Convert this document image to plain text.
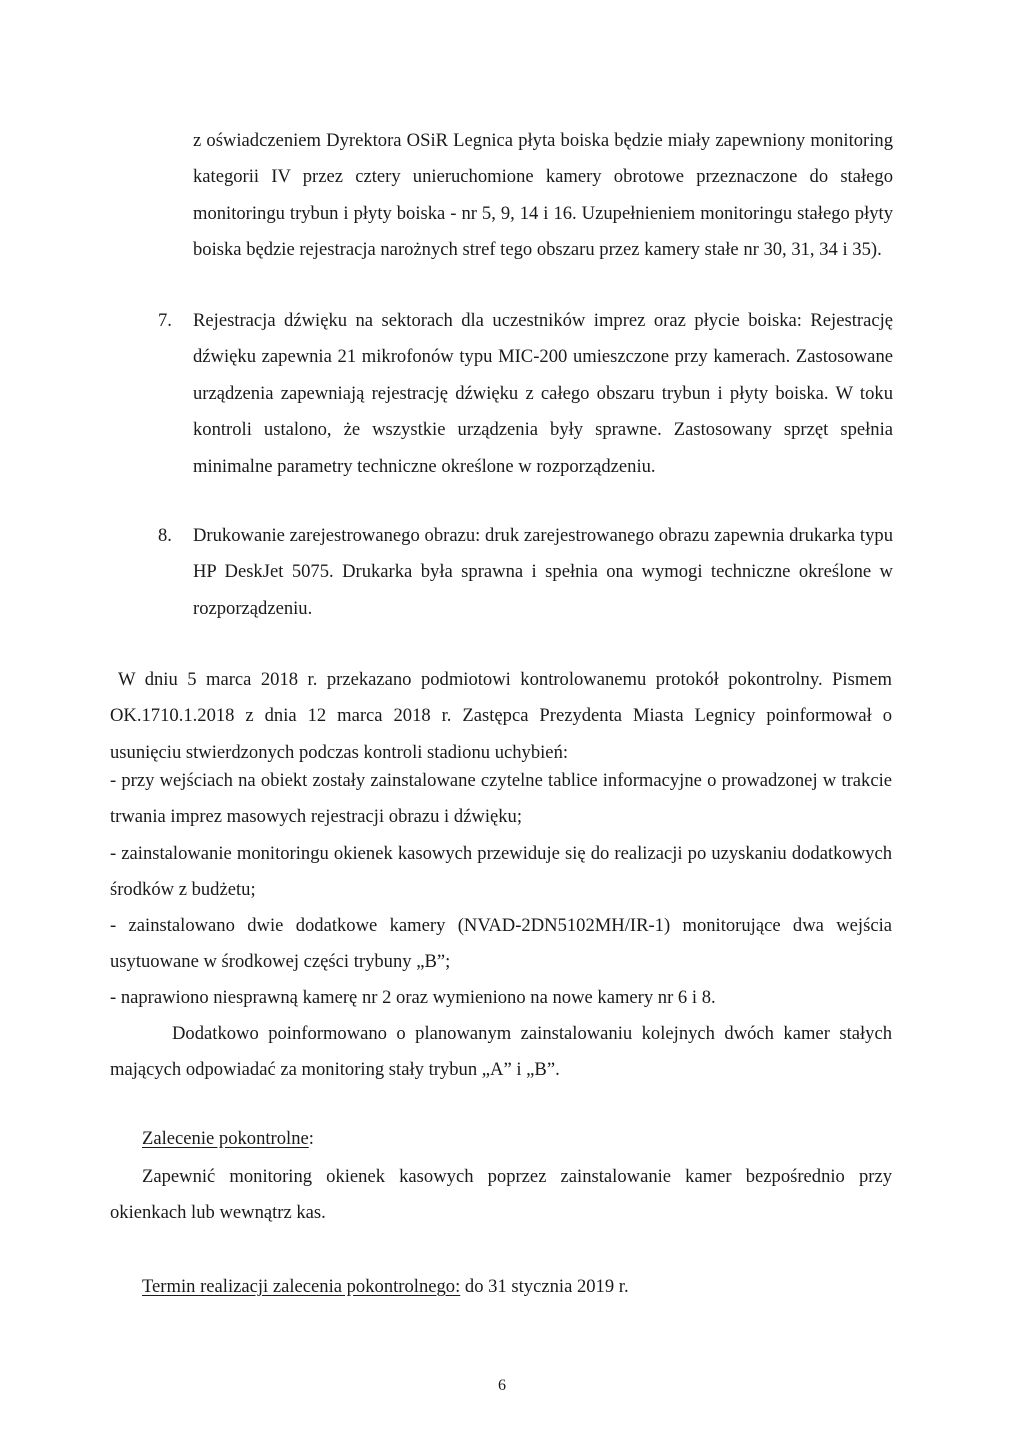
z oświadczeniem Dyrektora OSiR Legnica płyta boiska będzie miały zapewniony monitoring kategorii IV przez cztery unieruchomione kamery obrotowe przeznaczone do stałego monitoringu trybun i płyty boiska - nr 5, 9, 14 i 16. Uzupełnieniem monitoringu stałego płyty boiska będzie rejestracja narożnych stref tego obszaru przez kamery stałe nr 30, 31, 34 i 35).

7. Rejestracja dźwięku na sektorach dla uczestników imprez oraz płycie boiska: Rejestrację dźwięku zapewnia 21 mikrofonów typu MIC-200 umieszczone przy kamerach. Zastosowane urządzenia zapewniają rejestrację dźwięku z całego obszaru trybun i płyty boiska. W toku kontroli ustalono, że wszystkie urządzenia były sprawne. Zastosowany sprzęt spełnia minimalne parametry techniczne określone w rozporządzeniu.

8. Drukowanie zarejestrowanego obrazu: druk zarejestrowanego obrazu zapewnia drukarka typu HP DeskJet 5075. Drukarka była sprawna i spełnia ona wymogi techniczne określone w rozporządzeniu.

W dniu 5 marca 2018 r. przekazano podmiotowi kontrolowanemu protokół pokontrolny. Pismem OK.1710.1.2018 z dnia 12 marca 2018 r. Zastępca Prezydenta Miasta Legnicy poinformował o usunięciu stwierdzonych podczas kontroli stadionu uchybień:

- przy wejściach na obiekt zostały zainstalowane czytelne tablice informacyjne o prowadzonej w trakcie trwania imprez masowych rejestracji obrazu i dźwięku;

- zainstalowanie monitoringu okienek kasowych przewiduje się do realizacji po uzyskaniu dodatkowych środków z budżetu;

- zainstalowano dwie dodatkowe kamery (NVAD-2DN5102MH/IR-1) monitorujące dwa wejścia usytuowane w środkowej części trybuny „B”;

- naprawiono niesprawną kamerę nr 2 oraz wymieniono na nowe kamery nr 6 i 8.

Dodatkowo poinformowano o planowanym zainstalowaniu kolejnych dwóch kamer stałych mających odpowiadać za monitoring stały trybun „A” i „B”.

Zalecenie pokontrolne:

Zapewnić monitoring okienek kasowych poprzez zainstalowanie kamer bezpośrednio przy okienkach lub wewnątrz kas.

Termin realizacji zalecenia pokontrolnego: do 31 stycznia 2019 r.
6
